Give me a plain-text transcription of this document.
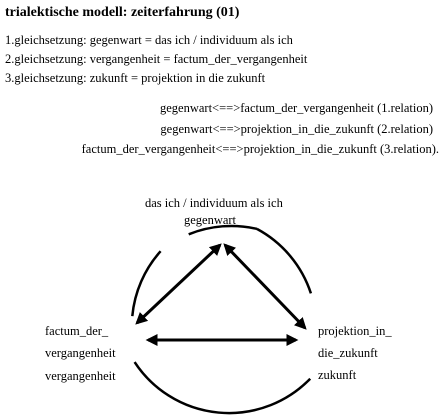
trialektische modell: zeiterfahrung (01)
1.gleichsetzung: gegenwart = das ich / individuum als ich
2.gleichsetzung: vergangenheit = factum_der_vergangenheit
3.gleichsetzung: zukunft = projektion in die zukunft
gegenwart<==>factum_der_vergangenheit (1.relation)
gegenwart<==>projektion_in_die_zukunft (2.relation)
factum_der_vergangenheit<==>projektion_in_die_zukunft (3.relation).
das ich / individuum als ich
gegenwart
factum_der_
vergangenheit
vergangenheit
projektion_in_
die_zukunft
zukunft
